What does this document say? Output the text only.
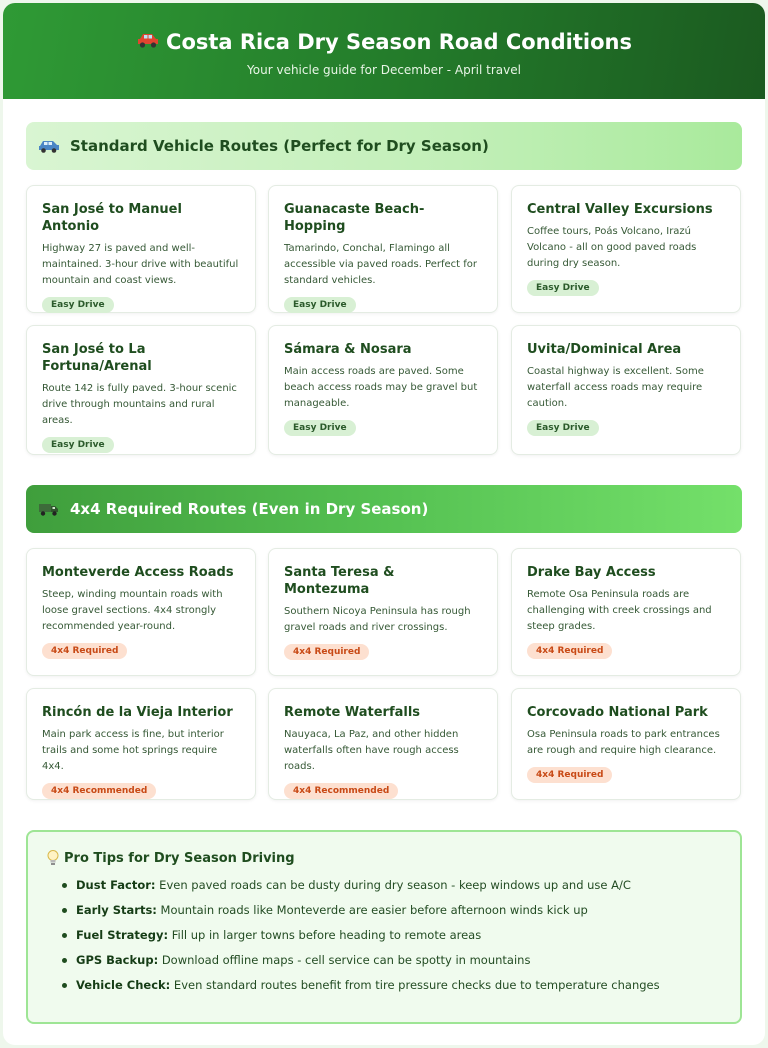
Costa Rica Dry Season Road Conditions
Your vehicle guide for December - April travel
Standard Vehicle Routes (Perfect for Dry Season)
San José to Manuel Antonio
Highway 27 is paved and well-maintained. 3-hour drive with beautiful mountain and coast views.
Easy Drive
Guanacaste Beach-Hopping
Tamarindo, Conchal, Flamingo all accessible via paved roads. Perfect for standard vehicles.
Easy Drive
Central Valley Excursions
Coffee tours, Poás Volcano, Irazú Volcano - all on good paved roads during dry season.
Easy Drive
San José to La Fortuna/Arenal
Route 142 is fully paved. 3-hour scenic drive through mountains and rural areas.
Easy Drive
Sámara & Nosara
Main access roads are paved. Some beach access roads may be gravel but manageable.
Easy Drive
Uvita/Dominical Area
Coastal highway is excellent. Some waterfall access roads may require caution.
Easy Drive
4x4 Required Routes (Even in Dry Season)
Monteverde Access Roads
Steep, winding mountain roads with loose gravel sections. 4x4 strongly recommended year-round.
4x4 Required
Santa Teresa & Montezuma
Southern Nicoya Peninsula has rough gravel roads and river crossings.
4x4 Required
Drake Bay Access
Remote Osa Peninsula roads are challenging with creek crossings and steep grades.
4x4 Required
Rincón de la Vieja Interior
Main park access is fine, but interior trails and some hot springs require 4x4.
4x4 Recommended
Remote Waterfalls
Nauyaca, La Paz, and other hidden waterfalls often have rough access roads.
4x4 Recommended
Corcovado National Park
Osa Peninsula roads to park entrances are rough and require high clearance.
4x4 Required
Pro Tips for Dry Season Driving
Dust Factor: Even paved roads can be dusty during dry season - keep windows up and use A/C
Early Starts: Mountain roads like Monteverde are easier before afternoon winds kick up
Fuel Strategy: Fill up in larger towns before heading to remote areas
GPS Backup: Download offline maps - cell service can be spotty in mountains
Vehicle Check: Even standard routes benefit from tire pressure checks due to temperature changes
